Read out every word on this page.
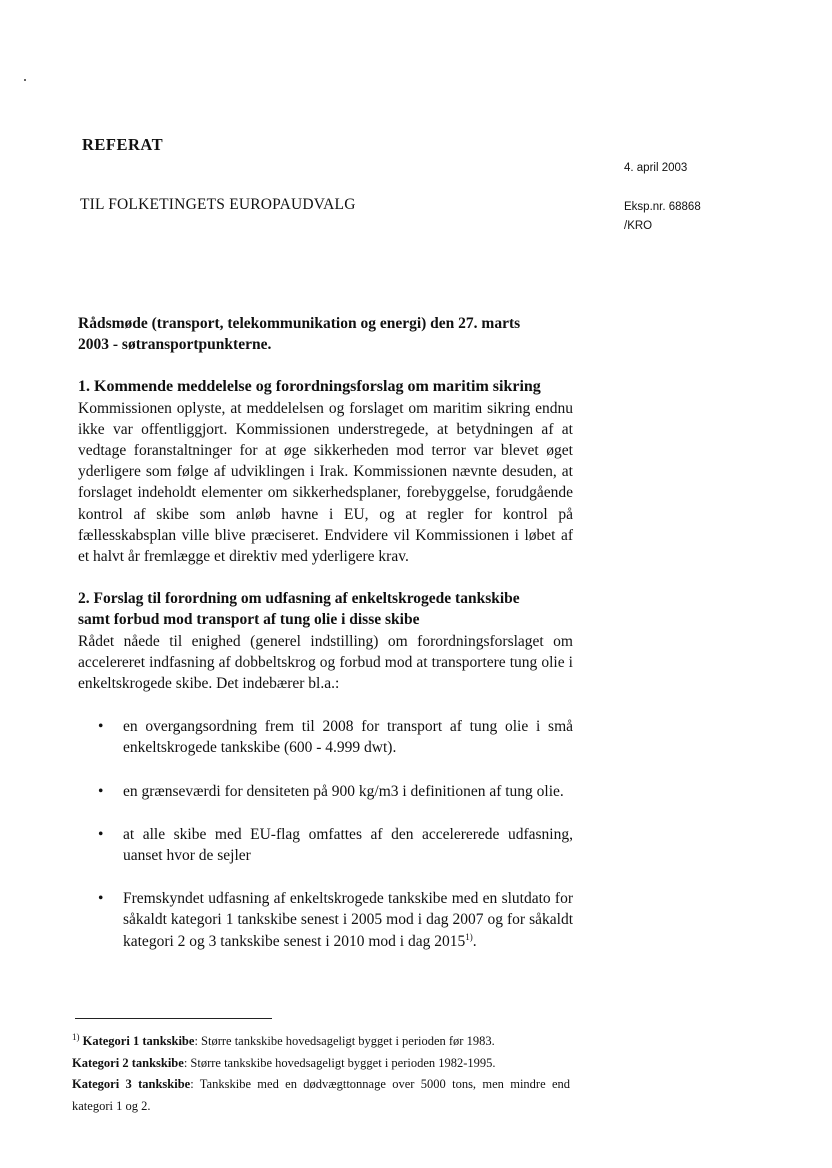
REFERAT
TIL FOLKETINGETS EUROPAUDVALG
4. april 2003
Eksp.nr. 68868
/KRO

Rådsmøde (transport, telekommunikation og energi) den 27. marts
2003 - søtransportpunkterne.

1. Kommende meddelelse og forordningsforslag om maritim sikring

Kommissionen oplyste, at meddelelsen og forslaget om maritim sikring endnu ikke var offentliggjort. Kommissionen understregede, at betydningen af at vedtage foranstaltninger for at øge sikkerheden mod terror var blevet øget yderligere som følge af udviklingen i Irak. Kommissionen nævnte desuden, at forslaget indeholdt elementer om sikkerhedsplaner, forebyggelse, forudgående kontrol af skibe som anløb havne i EU, og at regler for kontrol på fællesskabsplan ville blive præciseret. Endvidere vil Kommissionen i løbet af et halvt år fremlægge et direktiv med yderligere krav.

2. Forslag til forordning om udfasning af enkeltskrogede tankskibe
samt forbud mod transport af tung olie i disse skibe

Rådet nåede til enighed (generel indstilling) om forordningsforslaget om accelereret indfasning af dobbeltskrog og forbud mod at transportere tung olie i enkeltskrogede skibe. Det indebærer bl.a.:

• en overgangsordning frem til 2008 for transport af tung olie i små enkeltskrogede tankskibe (600 - 4.999 dwt).
• en grænseværdi for densiteten på 900 kg/m3 i definitionen af tung olie.
• at alle skibe med EU-flag omfattes af den accelererede udfasning, uanset hvor de sejler
• Fremskyndet udfasning af enkeltskrogede tankskibe med en slutdato for såkaldt kategori 1 tankskibe senest i 2005 mod i dag 2007 og for såkaldt kategori 2 og 3 tankskibe senest i 2010 mod i dag 2015$^{1)}$.

$^{1)}$ Kategori 1 tankskibe: Større tankskibe hovedsageligt bygget i perioden før 1983.
Kategori 2 tankskibe: Større tankskibe hovedsageligt bygget i perioden 1982-1995.
Kategori 3 tankskibe: Tankskibe med en dødvægttonnage over 5000 tons, men mindre end kategori 1 og 2.
